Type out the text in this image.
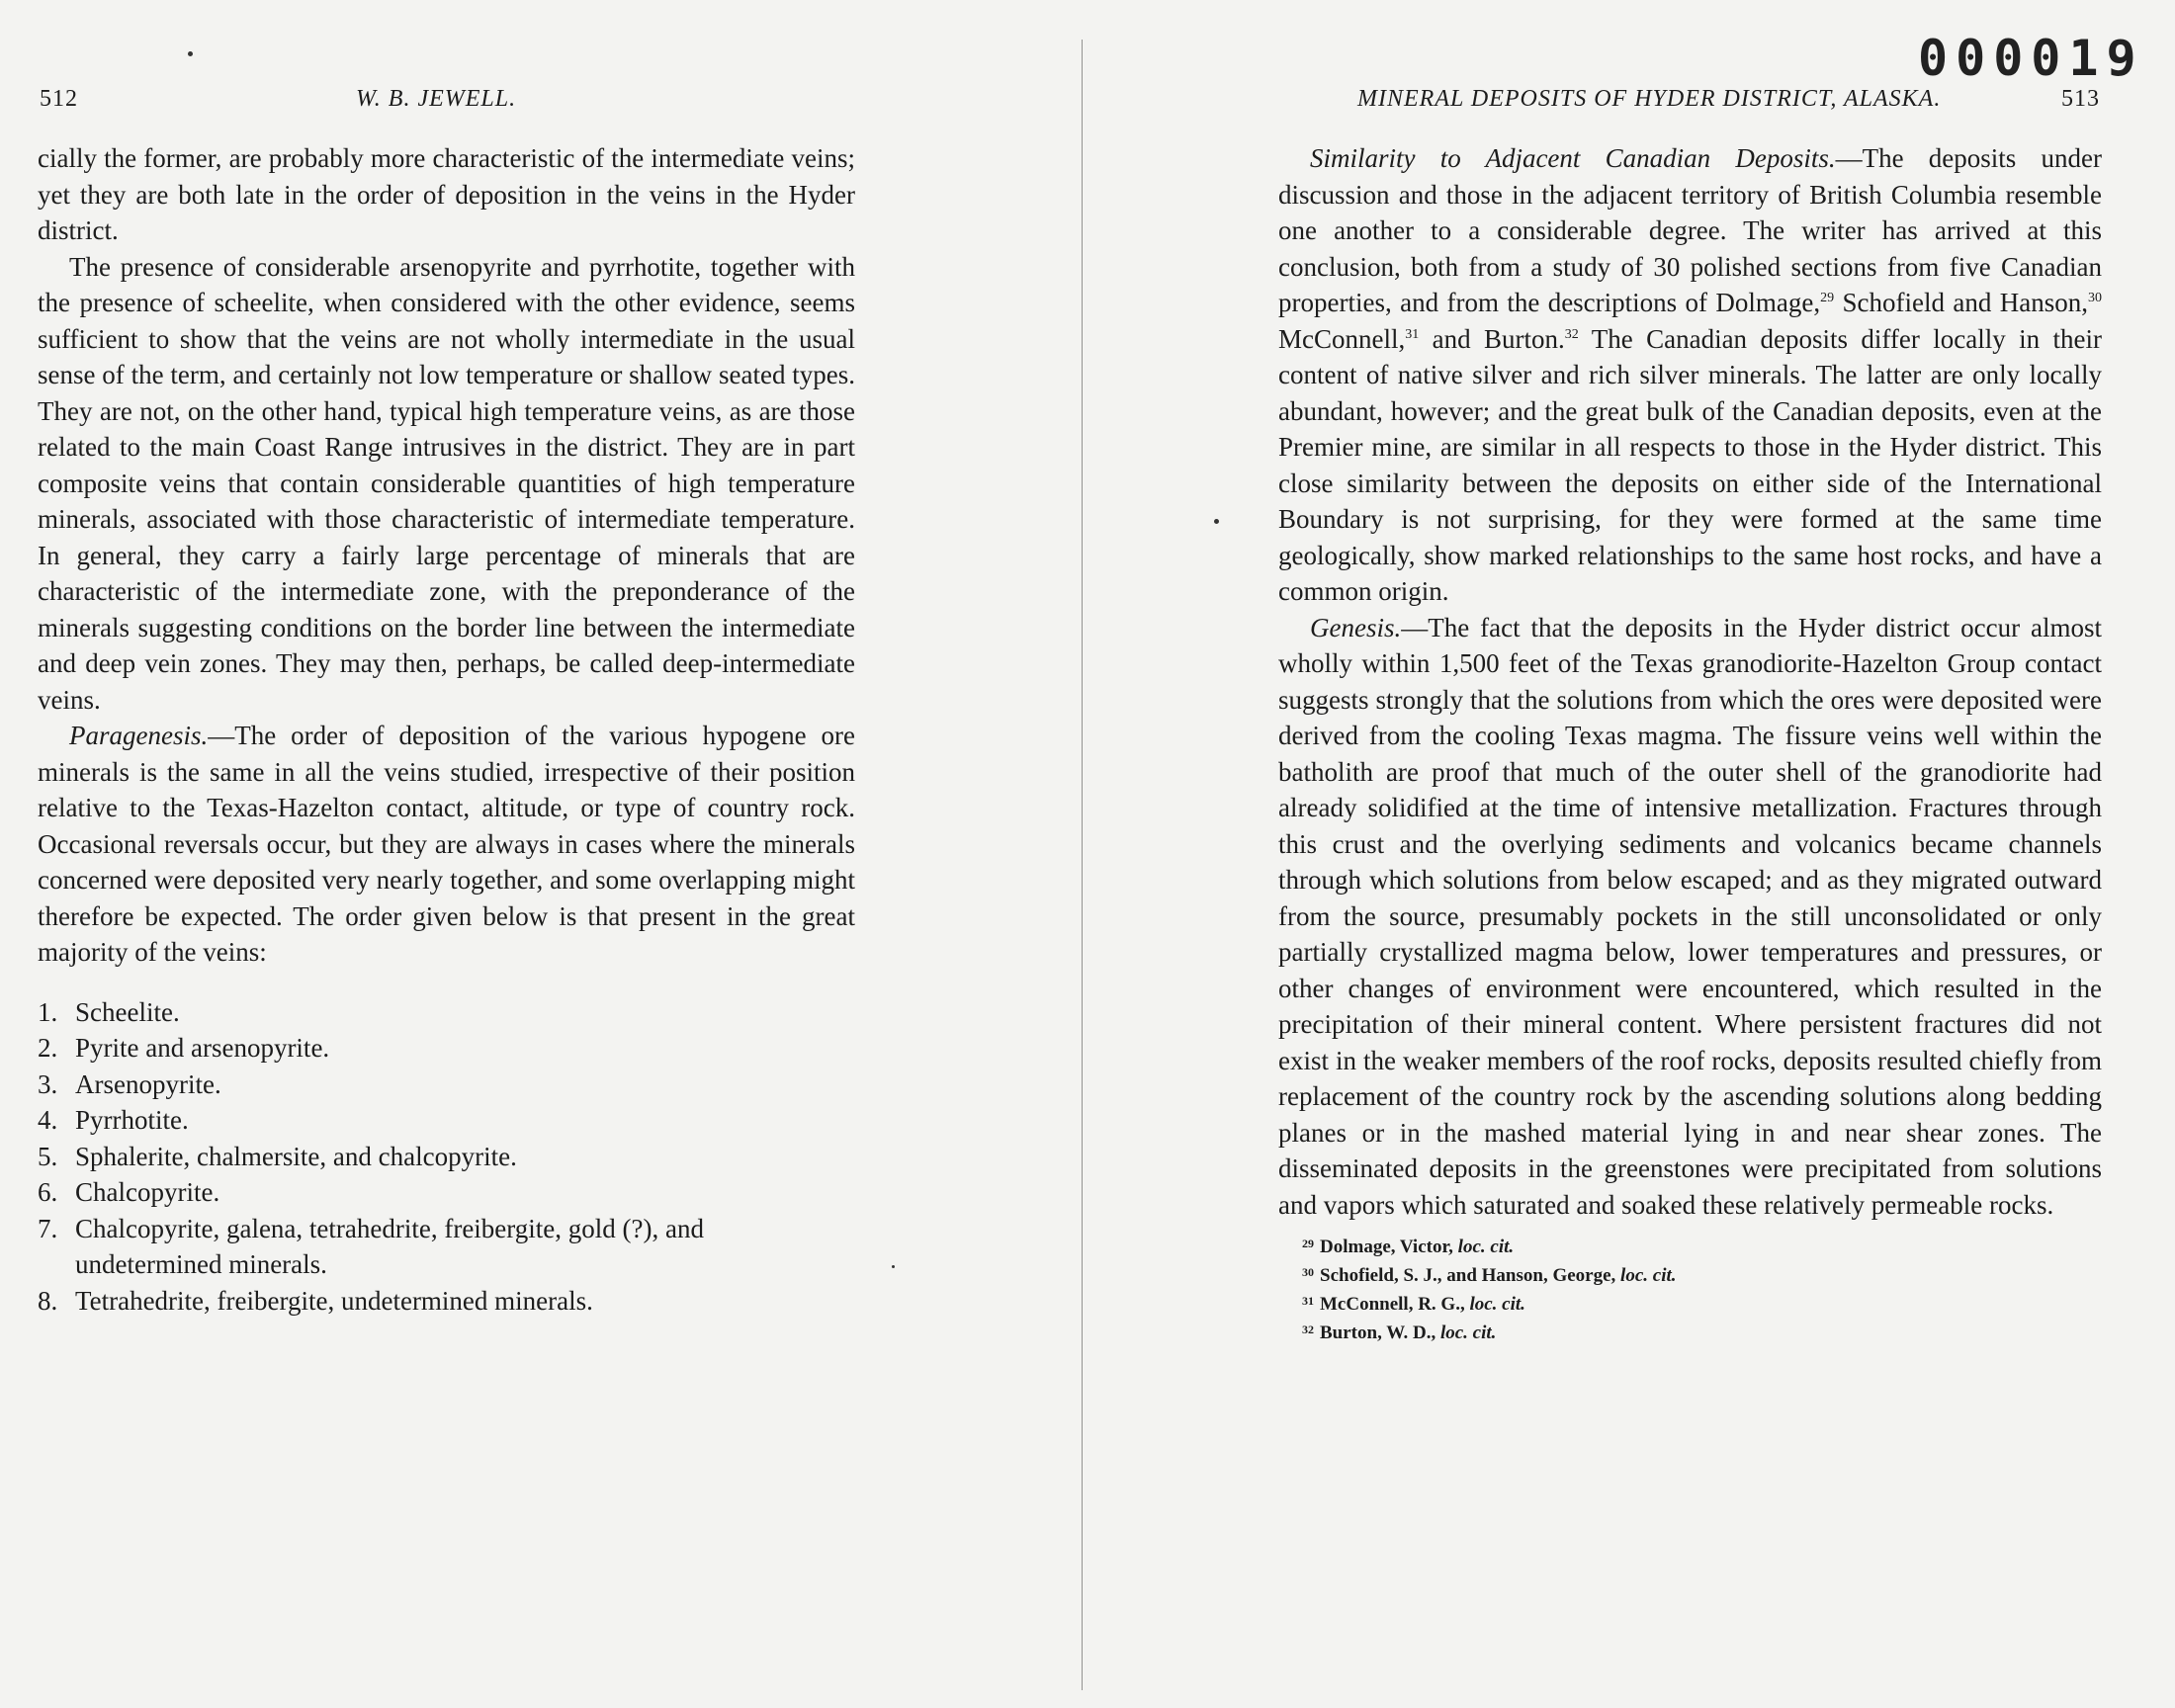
000019
512	W. B. JEWELL.

cially the former, are probably more characteristic of the intermediate veins; yet they are both late in the order of deposition in the veins in the Hyder district.

The presence of considerable arsenopyrite and pyrrhotite, together with the presence of scheelite, when considered with the other evidence, seems sufficient to show that the veins are not wholly intermediate in the usual sense of the term, and certainly not low temperature or shallow seated types. They are not, on the other hand, typical high temperature veins, as are those related to the main Coast Range intrusives in the district. They are in part composite veins that contain considerable quantities of high temperature minerals, associated with those characteristic of intermediate temperature. In general, they carry a fairly large percentage of minerals that are characteristic of the intermediate zone, with the preponderance of the minerals suggesting conditions on the border line between the intermediate and deep vein zones. They may then, perhaps, be called deep-intermediate veins.

Paragenesis.—The order of deposition of the various hypogene ore minerals is the same in all the veins studied, irrespective of their position relative to the Texas-Hazelton contact, altitude, or type of country rock. Occasional reversals occur, but they are always in cases where the minerals concerned were deposited very nearly together, and some overlapping might therefore be expected. The order given below is that present in the great majority of the veins:

1. Scheelite.
2. Pyrite and arsenopyrite.
3. Arsenopyrite.
4. Pyrrhotite.
5. Sphalerite, chalmersite, and chalcopyrite.
6. Chalcopyrite.
7. Chalcopyrite, galena, tetrahedrite, freibergite, gold (?), and undetermined minerals.
8. Tetrahedrite, freibergite, undetermined minerals.
MINERAL DEPOSITS OF HYDER DISTRICT, ALASKA.	513

Similarity to Adjacent Canadian Deposits.—The deposits under discussion and those in the adjacent territory of British Columbia resemble one another to a considerable degree. The writer has arrived at this conclusion, both from a study of 30 polished sections from five Canadian properties, and from the descriptions of Dolmage,$^{29}$ Schofield and Hanson,$^{30}$ McConnell,$^{31}$ and Burton.$^{32}$ The Canadian deposits differ locally in their content of native silver and rich silver minerals. The latter are only locally abundant, however; and the great bulk of the Canadian deposits, even at the Premier mine, are similar in all respects to those in the Hyder district. This close similarity between the deposits on either side of the International Boundary is not surprising, for they were formed at the same time geologically, show marked relationships to the same host rocks, and have a common origin.

Genesis.—The fact that the deposits in the Hyder district occur almost wholly within 1,500 feet of the Texas granodiorite-Hazelton Group contact suggests strongly that the solutions from which the ores were deposited were derived from the cooling Texas magma. The fissure veins well within the batholith are proof that much of the outer shell of the granodiorite had already solidified at the time of intensive metallization. Fractures through this crust and the overlying sediments and volcanics became channels through which solutions from below escaped; and as they migrated outward from the source, presumably pockets in the still unconsolidated or only partially crystallized magma below, lower temperatures and pressures, or other changes of environment were encountered, which resulted in the precipitation of their mineral content. Where persistent fractures did not exist in the weaker members of the roof rocks, deposits resulted chiefly from replacement of the country rock by the ascending solutions along bedding planes or in the mashed material lying in and near shear zones. The disseminated deposits in the greenstones were precipitated from solutions and vapors which saturated and soaked these relatively permeable rocks.

29 Dolmage, Victor, loc. cit.
30 Schofield, S. J., and Hanson, George, loc. cit.
31 McConnell, R. G., loc. cit.
32 Burton, W. D., loc. cit.
